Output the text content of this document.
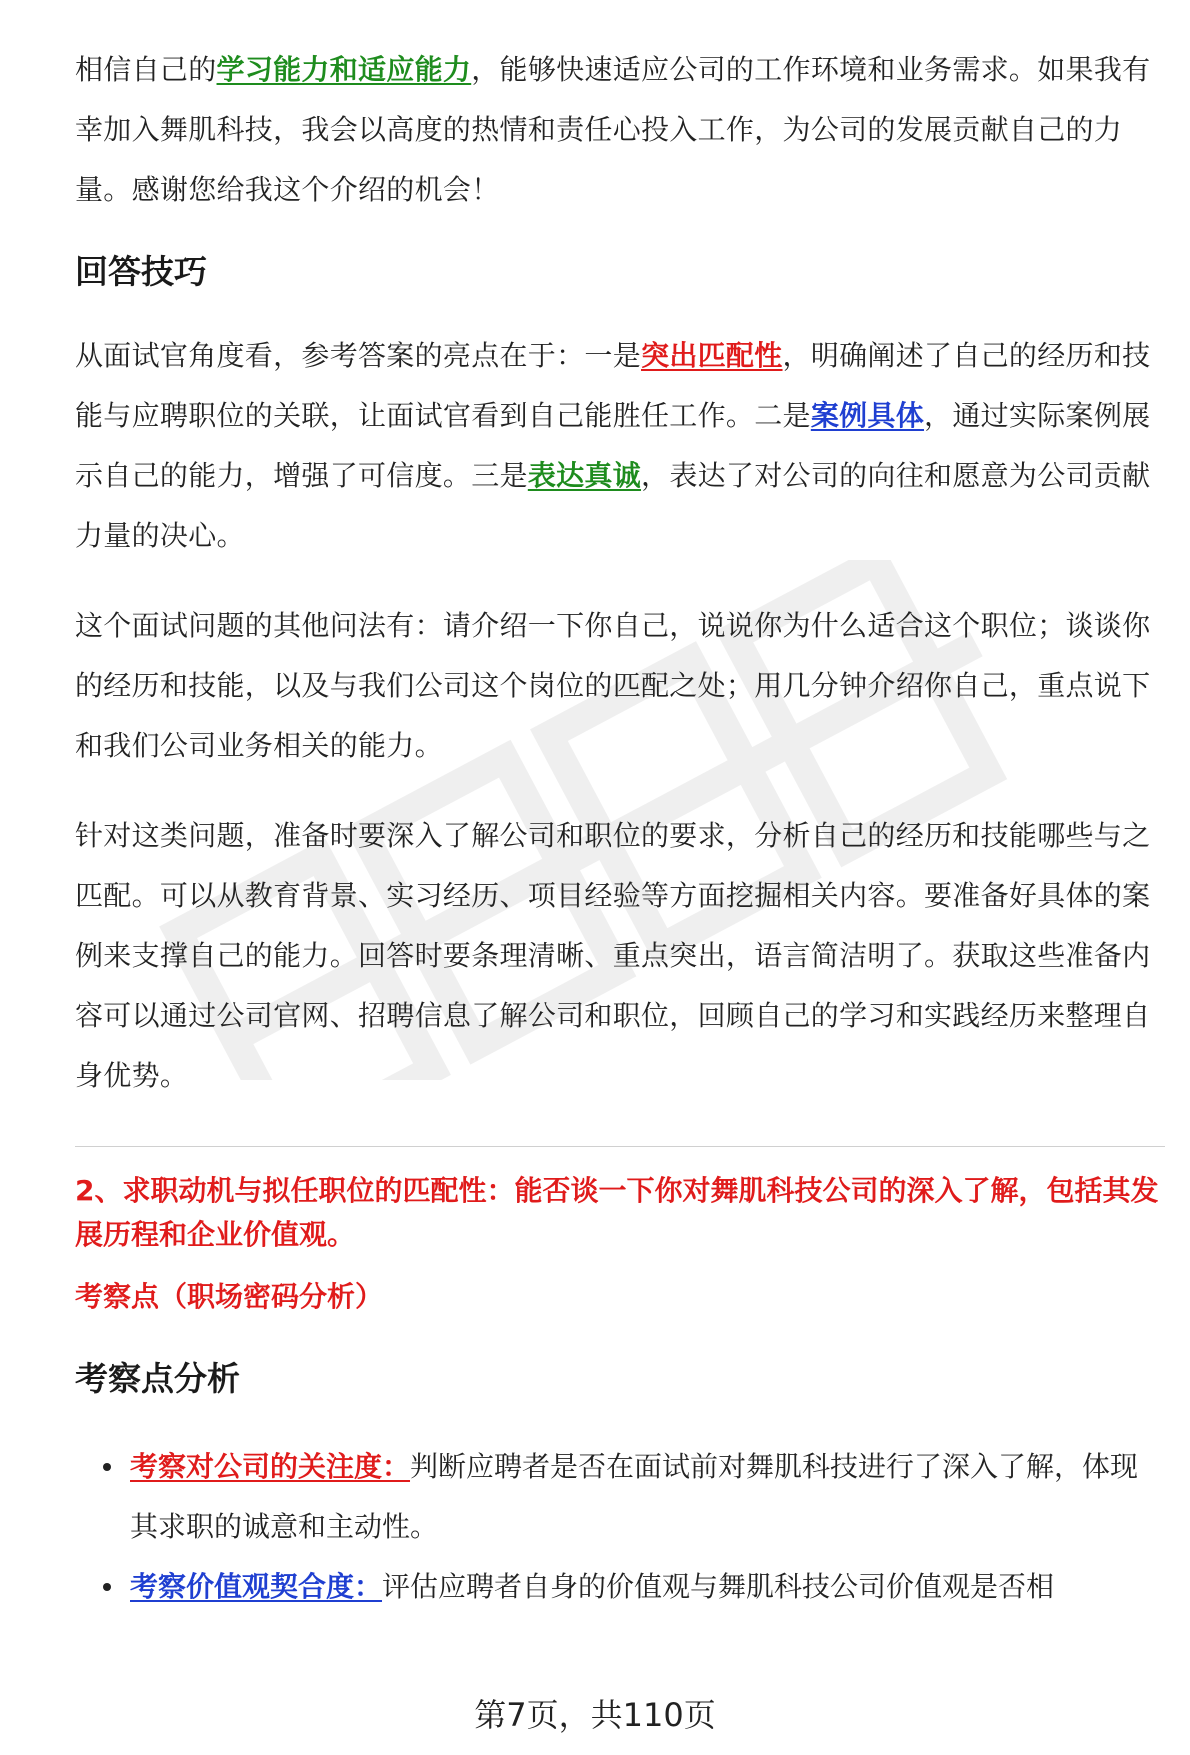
相信自己的学习能力和适应能力，能够快速适应公司的工作环境和业务需求。如果我有幸加入舞肌科技，我会以高度的热情和责任心投入工作，为公司的发展贡献自己的力量。感谢您给我这个介绍的机会！

回答技巧

从面试官角度看，参考答案的亮点在于：一是突出匹配性，明确阐述了自己的经历和技能与应聘职位的关联，让面试官看到自己能胜任工作。二是案例具体，通过实际案例展示自己的能力，增强了可信度。三是表达真诚，表达了对公司的向往和愿意为公司贡献力量的决心。

这个面试问题的其他问法有：请介绍一下你自己，说说你为什么适合这个职位；谈谈你的经历和技能，以及与我们公司这个岗位的匹配之处；用几分钟介绍你自己，重点说下和我们公司业务相关的能力。

针对这类问题，准备时要深入了解公司和职位的要求，分析自己的经历和技能哪些与之匹配。可以从教育背景、实习经历、项目经验等方面挖掘相关内容。要准备好具体的案例来支撑自己的能力。回答时要条理清晰、重点突出，语言简洁明了。获取这些准备内容可以通过公司官网、招聘信息了解公司和职位，回顾自己的学习和实践经历来整理自身优势。

2、求职动机与拟任职位的匹配性：能否谈一下你对舞肌科技公司的深入了解，包括其发展历程和企业价值观。

考察点（职场密码分析）

考察点分析
考察对公司的关注度：判断应聘者是否在面试前对舞肌科技进行了深入了解，体现其求职的诚意和主动性。
考察价值观契合度：评估应聘者自身的价值观与舞肌科技公司价值观是否相
第7页，共110页
